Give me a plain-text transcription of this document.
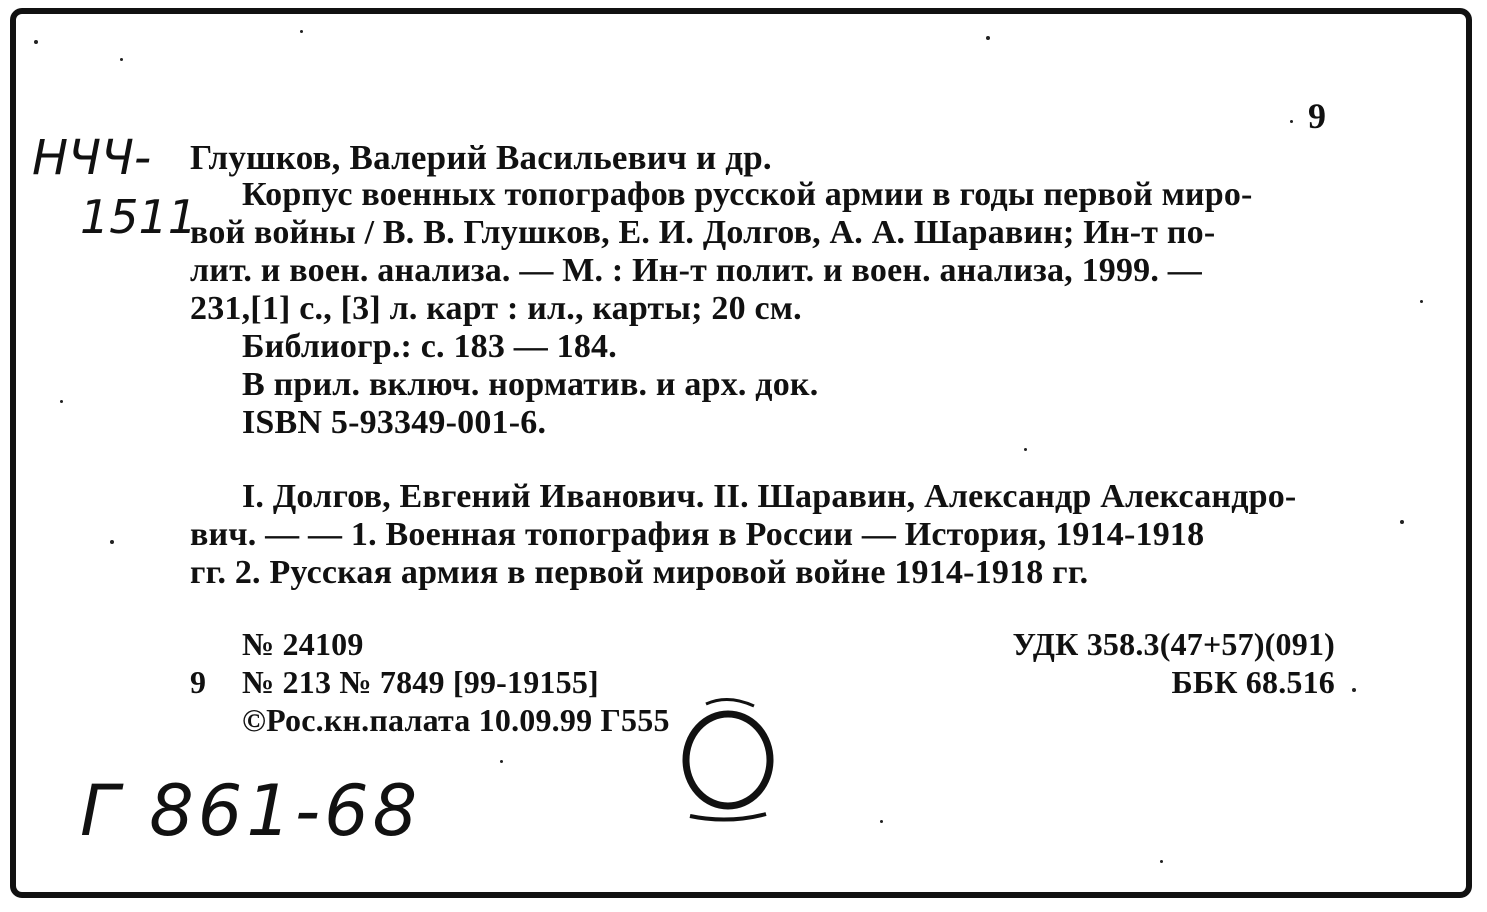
9
НЧЧ-
1511
Глушков, Валерий Васильевич и др.
Корпус военных топографов русской армии в годы первой миро-
вой войны / В. В. Глушков, Е. И. Долгов, А. А. Шаравин; Ин-т по-
лит. и воен. анализа. — М. : Ин-т полит. и воен. анализа, 1999. —
231,[1] с., [3] л. карт : ил., карты; 20 см.
Библиогр.: с. 183 — 184.
В прил. включ. норматив. и арх. док.
ISBN 5-93349-001-6.
I. Долгов, Евгений Иванович. II. Шаравин, Александр Александро-
вич. — — 1. Военная топография в России — История, 1914-1918
гг. 2. Русская армия в первой мировой войне 1914-1918 гг.
№ 24109
9 № 213 № 7849 [99-19155]
©Рос.кн.палата 10.09.99 Г555
УДК 358.3(47+57)(091)
ББК 68.516
Г 861-68
